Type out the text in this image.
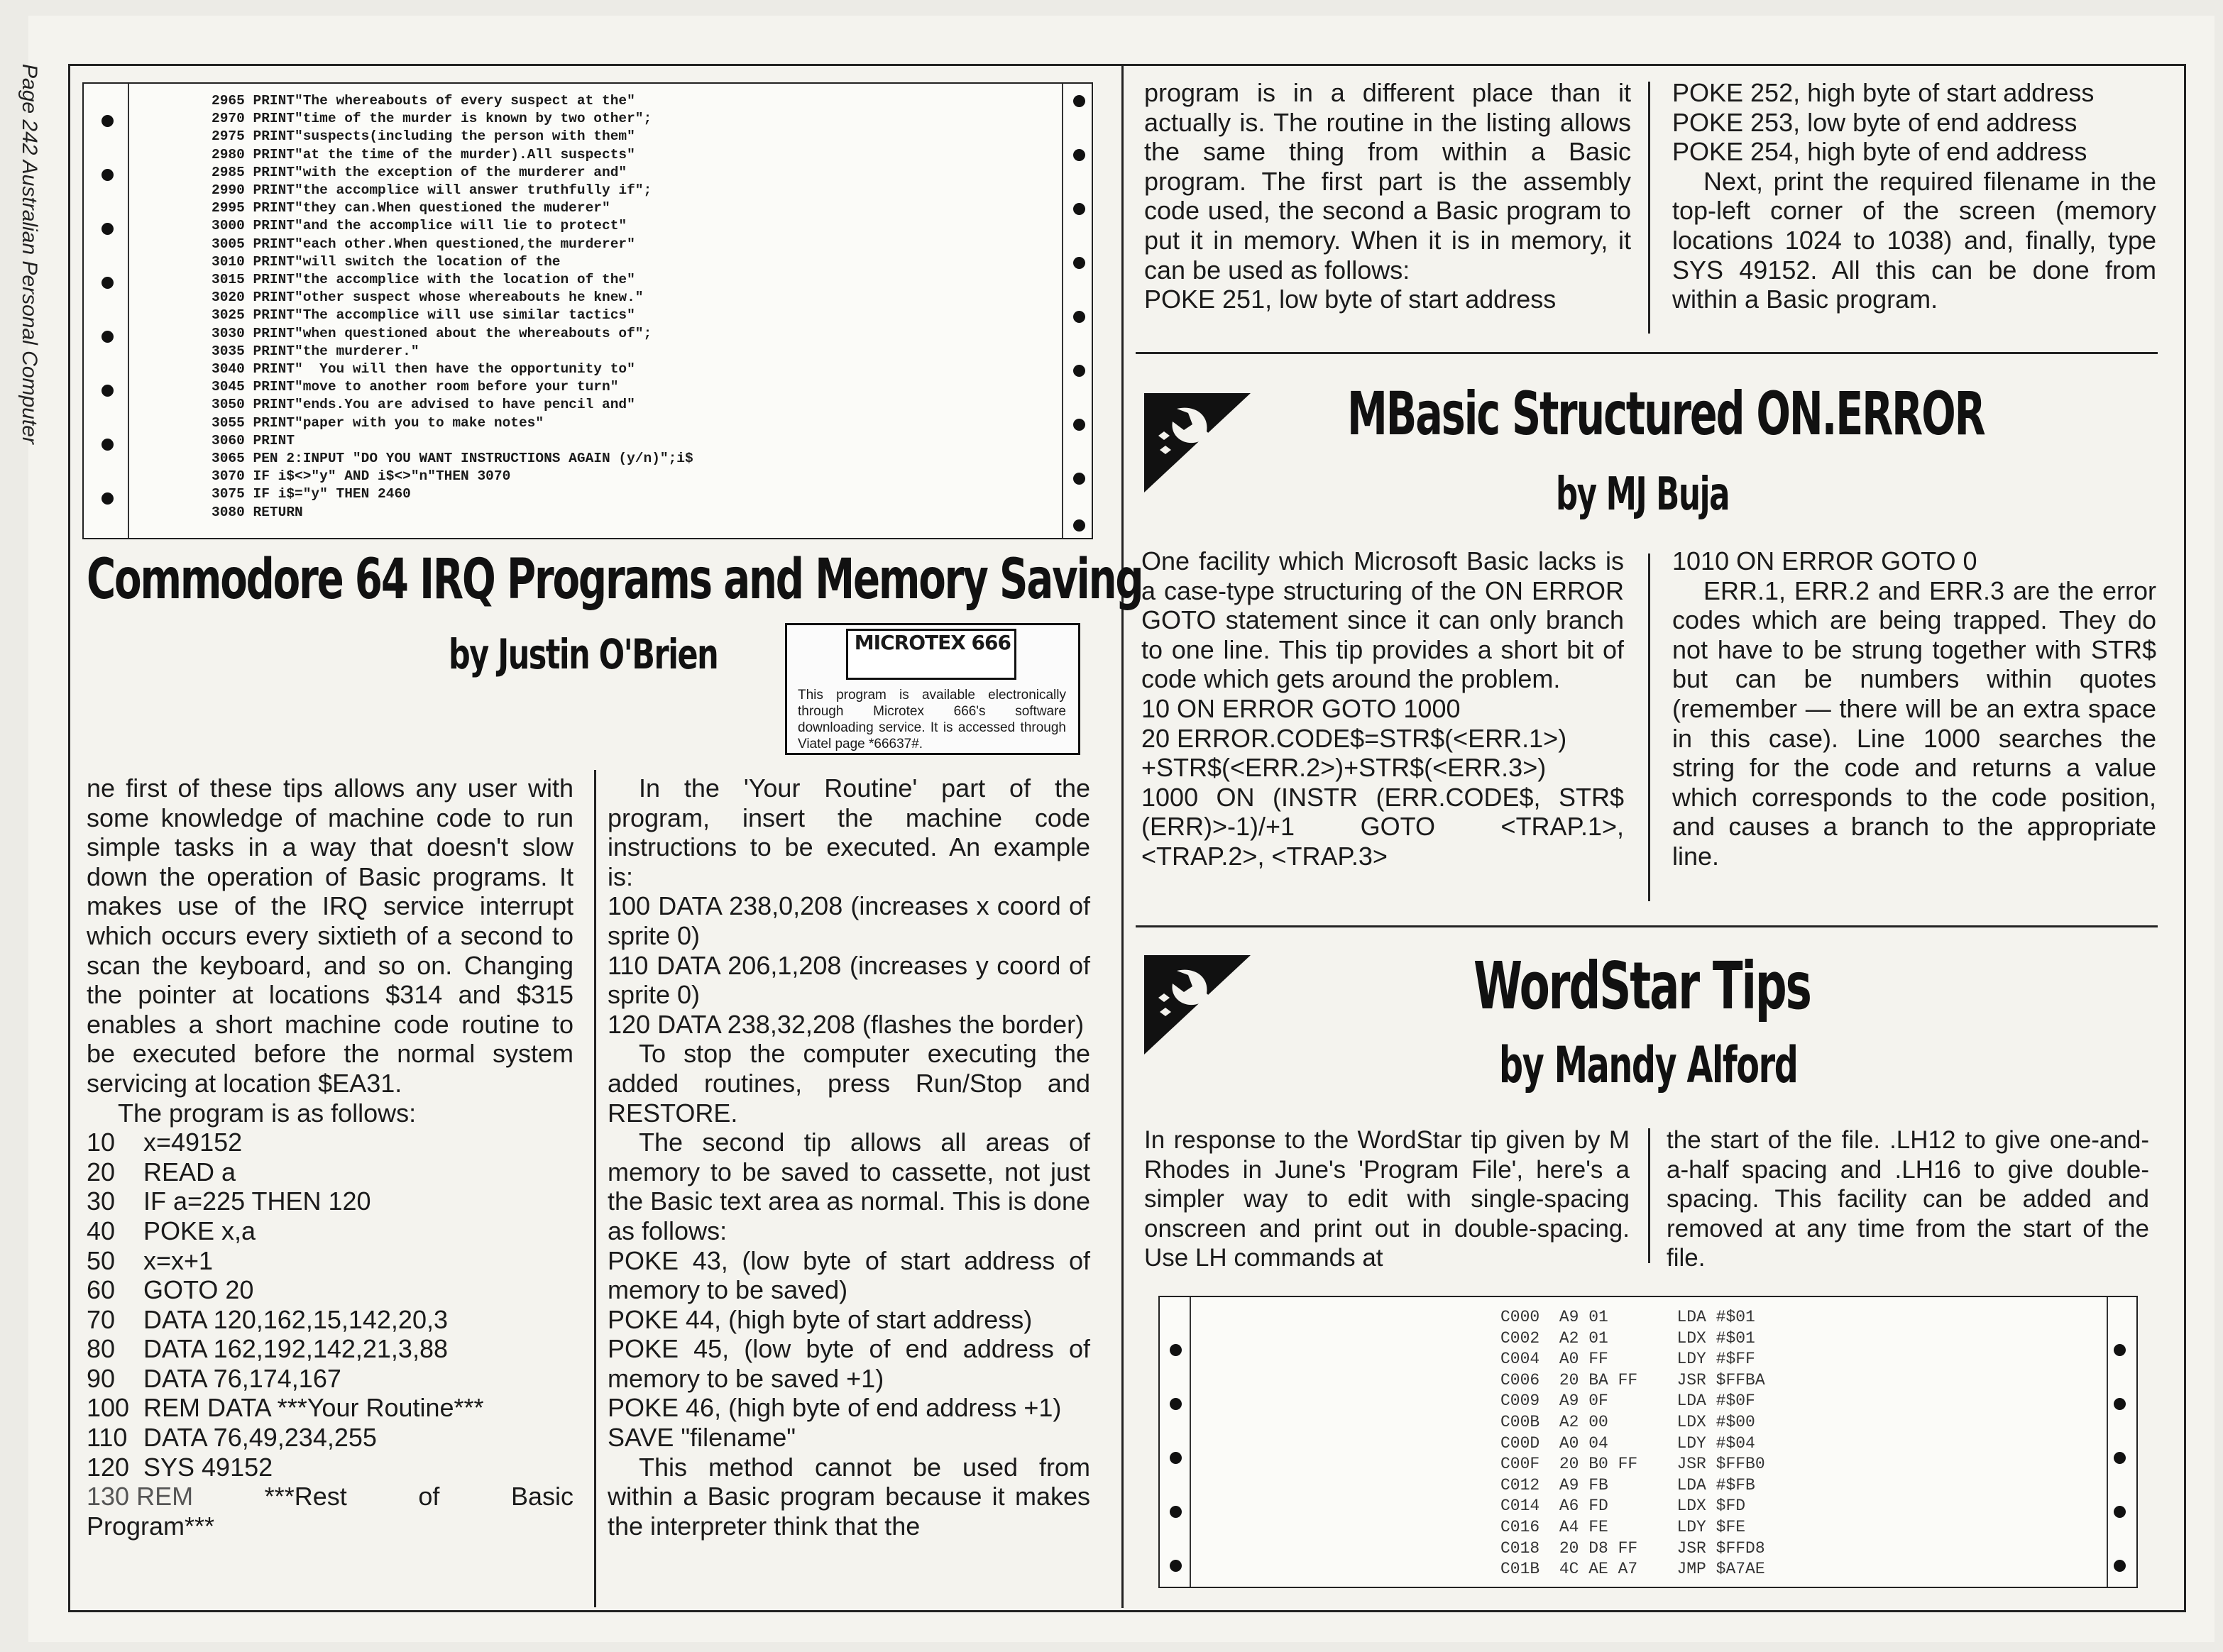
Page 242 Australian Personal Computer	2965 PRINT"The whereabouts of every suspect at the"
2970 PRINT"time of the murder is known by two other";
2975 PRINT"suspects(including the person with them"
2980 PRINT"at the time of the murder).All suspects"
2985 PRINT"with the exception of the murderer and"
2990 PRINT"the accomplice will answer truthfully if";
2995 PRINT"they can.When questioned the muderer"
3000 PRINT"and the accomplice will lie to protect"
3005 PRINT"each other.When questioned,the murderer"
3010 PRINT"will switch the location of the
3015 PRINT"the accomplice with the location of the"
3020 PRINT"other suspect whose whereabouts he knew."
3025 PRINT"The accomplice will use similar tactics"
3030 PRINT"when questioned about the whereabouts of";
3035 PRINT"the murderer."
3040 PRINT"  You will then have the opportunity to"
3045 PRINT"move to another room before your turn"
3050 PRINT"ends.You are advised to have pencil and"
3055 PRINT"paper with you to make notes"
3060 PRINT
3065 PEN 2:INPUT "DO YOU WANT INSTRUCTIONS AGAIN (y/n)";i$
3070 IF i$<>"y" AND i$<>"n"THEN 3070
3075 IF i$="y" THEN 2460
3080 RETURN
Commodore 64 IRQ Programs and Memory Saving
by Justin O'Brien	MICROTEX 666
This program is available electronically through Microtex 666's software downloading service. It is accessed through Viatel page *66637#.

ne first of these tips allows any user with some knowledge of machine code to run simple tasks in a way that doesn't slow down the operation of Basic programs. It makes use of the IRQ service interrupt which occurs every sixtieth of a second to scan the keyboard, and so on. Changing the pointer at locations $314 and $315 enables a short machine code routine to be executed before the normal system servicing at location $EA31.

The program is as follows:

10 x=49152
20 READ a
30 IF a=225 THEN 120
40 POKE x,a
50 x=x+1
60 GOTO 20
70 DATA 120,162,15,142,20,3
80 DATA 162,192,142,21,3,88
90 DATA 76,174,167
100 REM DATA ***Your Routine***
110 DATA 76,49,234,255
120 SYS 49152
130 REM	***Rest	of	Basic
Program***

In the 'Your Routine' part of the program, insert the machine code instructions to be executed. An example is:

100 DATA 238,0,208 (increases x coord of sprite 0)

110 DATA 206,1,208 (increases y coord of sprite 0)

120 DATA 238,32,208 (flashes the border)

To stop the computer executing the added routines, press Run/Stop and RESTORE.

The second tip allows all areas of memory to be saved to cassette, not just the Basic text area as normal. This is done as follows:

POKE 43, (low byte of start address of memory to be saved)

POKE 44, (high byte of start address)

POKE 45, (low byte of end address of memory to be saved +1)

POKE 46, (high byte of end address +1)

SAVE "filename"

This method cannot be used from within a Basic program because it makes the interpreter think that the

program is in a different place than it actually is. The routine in the listing allows the same thing from within a Basic program. The first part is the assembly code used, the second a Basic program to put it in memory. When it is in memory, it can be used as follows:

POKE 251, low byte of start address

POKE 252, high byte of start address

POKE 253, low byte of end address

POKE 254, high byte of end address

Next, print the required filename in the top-left corner of the screen (memory locations 1024 to 1038) and, finally, type SYS 49152. All this can be done from within a Basic program.

MBasic Structured ON.ERROR
by MJ Buja

One facility which Microsoft Basic lacks is a case-type structuring of the ON ERROR GOTO statement since it can only branch to one line. This tip provides a short bit of code which gets around the problem.

10 ON ERROR GOTO 1000

20 ERROR.CODE$=STR$(<ERR.1>)

+STR$(<ERR.2>)+STR$(<ERR.3>)

1000 ON (INSTR (ERR.CODE$, STR$ (ERR)>-1)/+1 GOTO <TRAP.1>, <TRAP.2>, <TRAP.3>

1010 ON ERROR GOTO 0

ERR.1, ERR.2 and ERR.3 are the error codes which are being trapped. They do not have to be strung together with STR$ but can be numbers within quotes (remember — there will be an extra space in this case). Line 1000 searches the string for the code and returns a value which corresponds to the code position, and causes a branch to the appropriate line.

WordStar Tips
by Mandy Alford

In response to the WordStar tip given by M Rhodes in June's 'Program File', here's a simpler way to edit with single-spacing onscreen and print out in double-spacing. Use LH commands at

the start of the file. .LH12 to give one-and-a-half spacing and .LH16 to give double-spacing. This facility can be added and removed at any time from the start of the file.

C000  A9 01       LDA #$01
C002  A2 01       LDX #$01
C004  A0 FF       LDY #$FF
C006  20 BA FF    JSR $FFBA
C009  A9 0F       LDA #$0F
C00B  A2 00       LDX #$00
C00D  A0 04       LDY #$04
C00F  20 B0 FF    JSR $FFB0
C012  A9 FB       LDA #$FB
C014  A6 FD       LDX $FD
C016  A4 FE       LDY $FE
C018  20 D8 FF    JSR $FFD8
C01B  4C AE A7    JMP $A7AE
